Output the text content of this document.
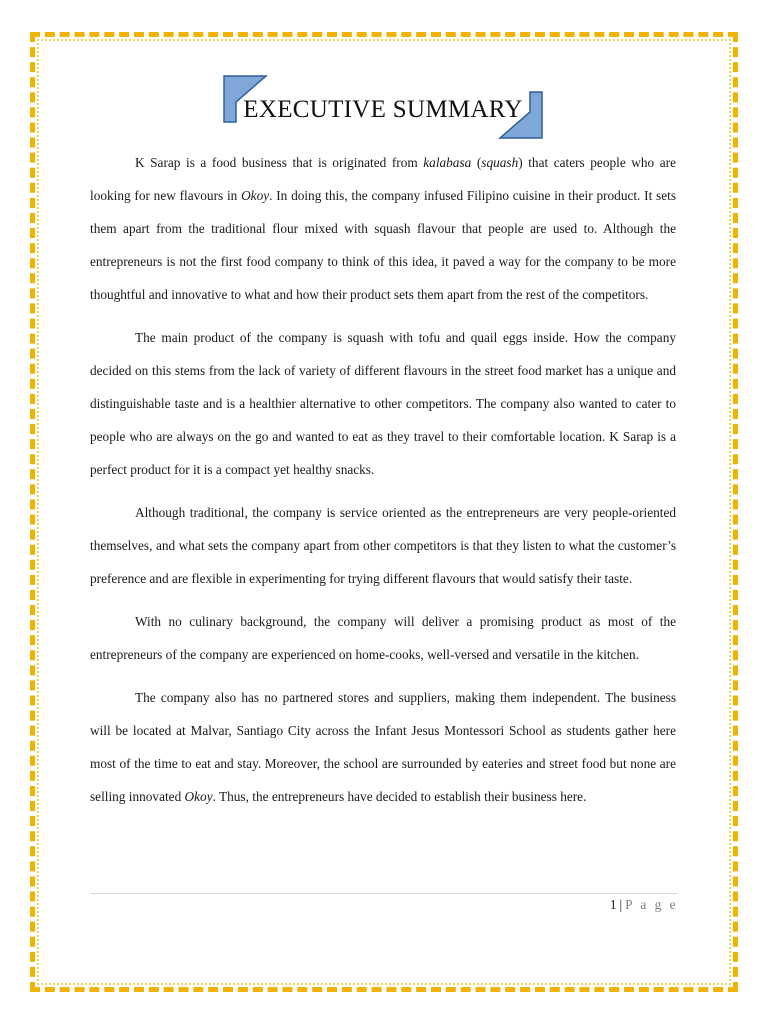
EXECUTIVE SUMMARY

K Sarap is a food business that is originated from kalabasa (squash) that caters people who are looking for new flavours in Okoy. In doing this, the company infused Filipino cuisine in their product. It sets them apart from the traditional flour mixed with squash flavour that people are used to. Although the entrepreneurs is not the first food company to think of this idea, it paved a way for the company to be more thoughtful and innovative to what and how their product sets them apart from the rest of the competitors.

The main product of the company is squash with tofu and quail eggs inside. How the company decided on this stems from the lack of variety of different flavours in the street food market has a unique and distinguishable taste and is a healthier alternative to other competitors. The company also wanted to cater to people who are always on the go and wanted to eat as they travel to their comfortable location. K Sarap is a perfect product for it is a compact yet healthy snacks.

Although traditional, the company is service oriented as the entrepreneurs are very people-oriented themselves, and what sets the company apart from other competitors is that they listen to what the customer’s preference and are flexible in experimenting for trying different flavours that would satisfy their taste.

With no culinary background, the company will deliver a promising product as most of the entrepreneurs of the company are experienced on home-cooks, well-versed and versatile in the kitchen.

The company also has no partnered stores and suppliers, making them independent. The business will be located at Malvar, Santiago City across the Infant Jesus Montessori School as students gather here most of the time to eat and stay. Moreover, the school are surrounded by eateries and street food but none are selling innovated Okoy. Thus, the entrepreneurs have decided to establish their business here.

1 | P a g e
